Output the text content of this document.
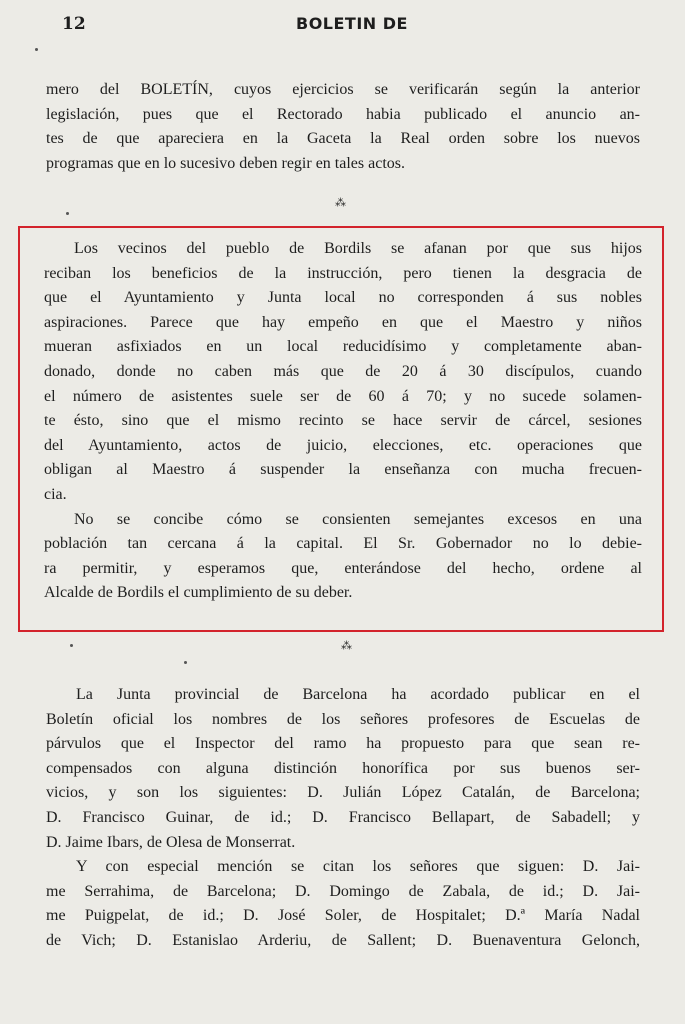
12	BOLETIN DE
mero del BOLETÍN, cuyos ejercicios se verificarán según la anterior
legislación, pues que el Rectorado habia publicado el anuncio an-
tes de que apareciera en la Gaceta la Real orden sobre los nuevos
programas que en lo sucesivo deben regir en tales actos.
⁂
Los vecinos del pueblo de Bordils se afanan por que sus hijos
reciban los beneficios de la instrucción, pero tienen la desgracia de
que el Ayuntamiento y Junta local no corresponden á sus nobles
aspiraciones. Parece que hay empeño en que el Maestro y niños
mueran asfixiados en un local reducidísimo y completamente aban-
donado, donde no caben más que de 20 á 30 discípulos, cuando
el número de asistentes suele ser de 60 á 70; y no sucede solamen-
te ésto, sino que el mismo recinto se hace servir de cárcel, sesiones
del Ayuntamiento, actos de juicio, elecciones, etc. operaciones que
obligan al Maestro á suspender la enseñanza con mucha frecuen-
cia.
No se concibe cómo se consienten semejantes excesos en una
población tan cercana á la capital. El Sr. Gobernador no lo debie-
ra permitir, y esperamos que, enterándose del hecho, ordene al
Alcalde de Bordils el cumplimiento de su deber.
⁂
La Junta provincial de Barcelona ha acordado publicar en el
Boletín oficial los nombres de los señores profesores de Escuelas de
párvulos que el Inspector del ramo ha propuesto para que sean re-
compensados con alguna distinción honorífica por sus buenos ser-
vicios, y son los siguientes: D. Julián López Catalán, de Barcelona;
D. Francisco Guinar, de id.; D. Francisco Bellapart, de Sabadell; y
D. Jaime Ibars, de Olesa de Monserrat.
Y con especial mención se citan los señores que siguen: D. Jai-
me Serrahima, de Barcelona; D. Domingo de Zabala, de id.; D. Jai-
me Puigpelat, de id.; D. José Soler, de Hospitalet; D.ª María Nadal
de Vich; D. Estanislao Arderiu, de Sallent; D. Buenaventura Gelonch,
